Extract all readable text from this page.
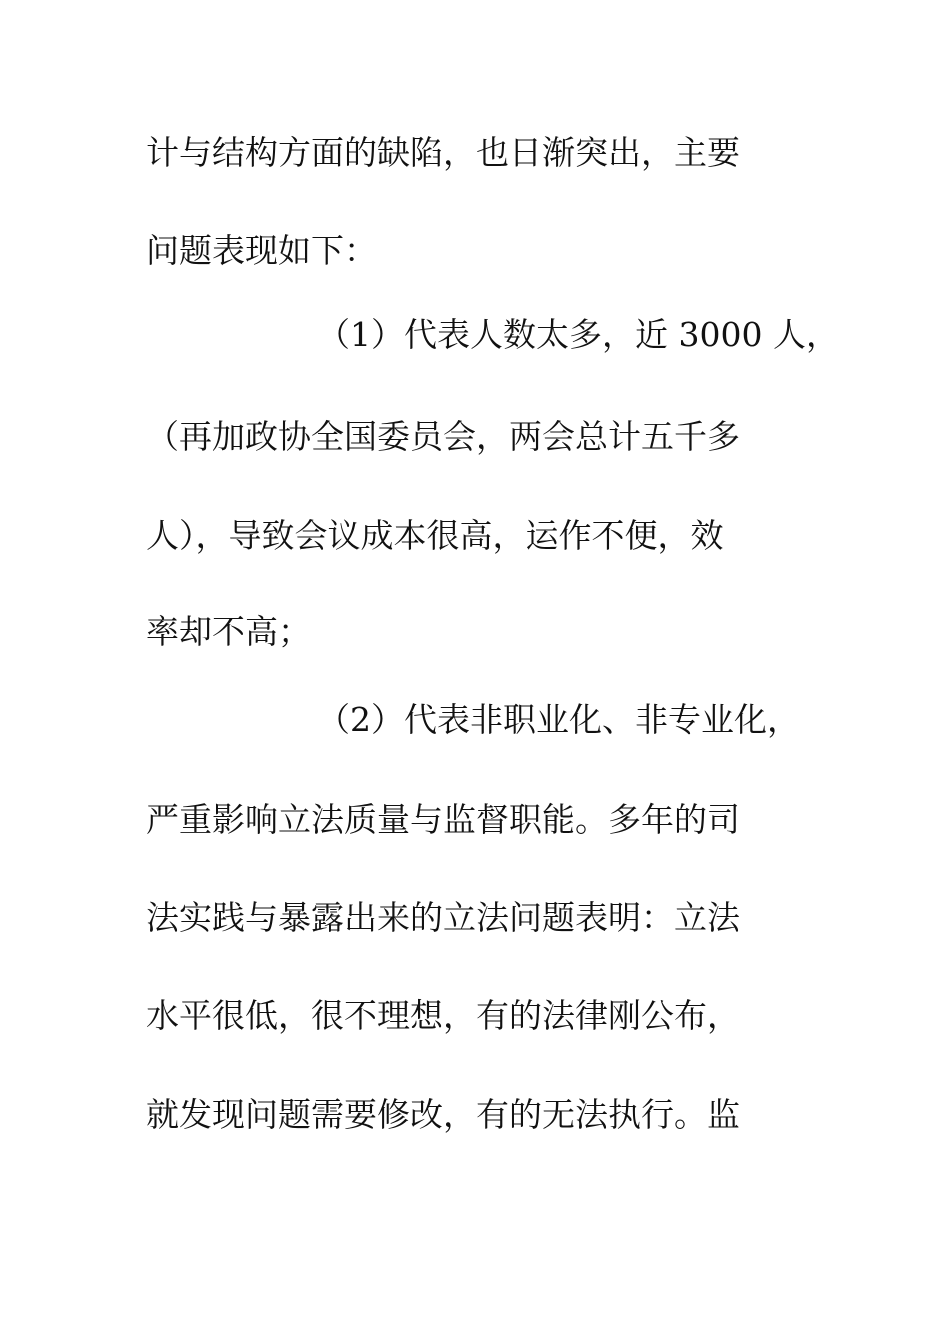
计与结构方面的缺陷，也日渐突出，主要
问题表现如下：
（1）代表人数太多，近 3000 人，
（再加政协全国委员会，两会总计五千多
人），导致会议成本很高，运作不便，效
率却不高；
（2）代表非职业化、非专业化，
严重影响立法质量与监督职能。多年的司
法实践与暴露出来的立法问题表明：立法
水平很低，很不理想，有的法律刚公布，
就发现问题需要修改，有的无法执行。监
